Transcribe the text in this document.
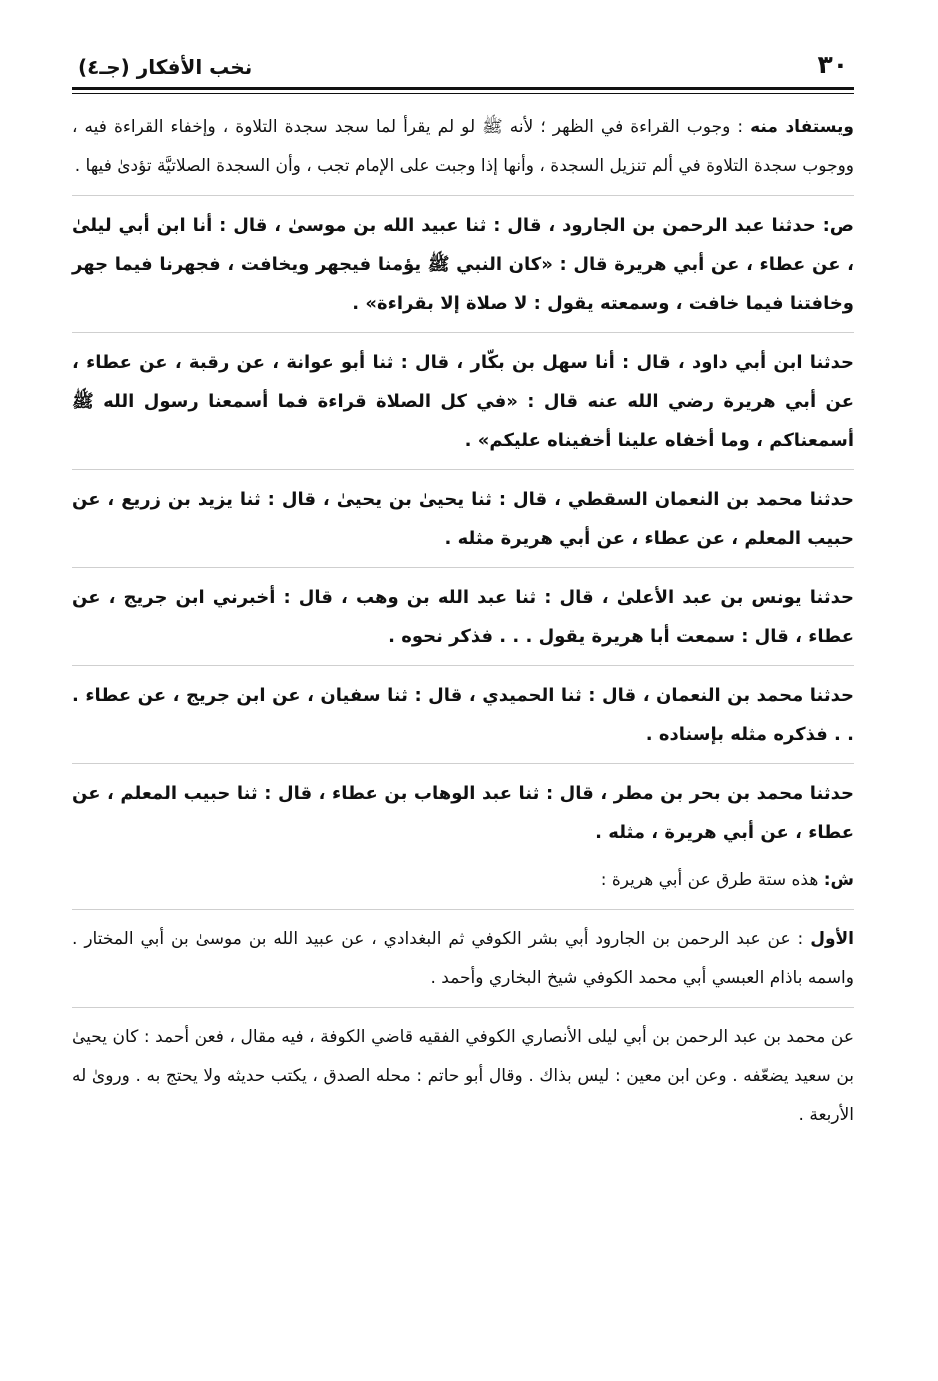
٣٠
نخب الأفكار (جـ٤)

ويستفاد منه : وجوب القراءة في الظهر ؛ لأنه ﷺ لو لم يقرأ لما سجد سجدة التلاوة ، وإخفاء القراءة فيه ، ووجوب سجدة التلاوة في ألم تنزيل السجدة ، وأنها إذا وجبت على الإمام تجب ، وأن السجدة الصلاتيَّة تؤدىٰ فيها .

ص: حدثنا عبد الرحمن بن الجارود ، قال : ثنا عبيد الله بن موسىٰ ، قال : أنا ابن أبي ليلىٰ ، عن عطاء ، عن أبي هريرة قال : «كان النبي ﷺ يؤمنا فيجهر ويخافت ، فجهرنا فيما جهر وخافتنا فيما خافت ، وسمعته يقول : لا صلاة إلا بقراءة» .

حدثنا ابن أبي داود ، قال : أنا سهل بن بكّار ، قال : ثنا أبو عوانة ، عن رقبة ، عن عطاء ، عن أبي هريرة رضي الله عنه قال : «في كل الصلاة قراءة فما أسمعنا رسول الله ﷺ أسمعناكم ، وما أخفاه علينا أخفيناه عليكم» .

حدثنا محمد بن النعمان السقطي ، قال : ثنا يحيىٰ بن يحيىٰ ، قال : ثنا يزيد بن زريع ، عن حبيب المعلم ، عن عطاء ، عن أبي هريرة مثله .

حدثنا يونس بن عبد الأعلىٰ ، قال : ثنا عبد الله بن وهب ، قال : أخبرني ابن جريج ، عن عطاء ، قال : سمعت أبا هريرة يقول . . . فذكر نحوه .

حدثنا محمد بن النعمان ، قال : ثنا الحميدي ، قال : ثنا سفيان ، عن ابن جريج ، عن عطاء . . . فذكره مثله بإسناده .

حدثنا محمد بن بحر بن مطر ، قال : ثنا عبد الوهاب بن عطاء ، قال : ثنا حبيب المعلم ، عن عطاء ، عن أبي هريرة ، مثله .

ش: هذه ستة طرق عن أبي هريرة :

الأول : عن عبد الرحمن بن الجارود أبي بشر الكوفي ثم البغدادي ، عن عبيد الله بن موسىٰ بن أبي المختار . واسمه باذام العبسي أبي محمد الكوفي شيخ البخاري وأحمد .

عن محمد بن عبد الرحمن بن أبي ليلى الأنصاري الكوفي الفقيه قاضي الكوفة ، فيه مقال ، فعن أحمد : كان يحيىٰ بن سعيد يضعّفه . وعن ابن معين : ليس بذاك . وقال أبو حاتم : محله الصدق ، يكتب حديثه ولا يحتج به . وروىٰ له الأربعة .
